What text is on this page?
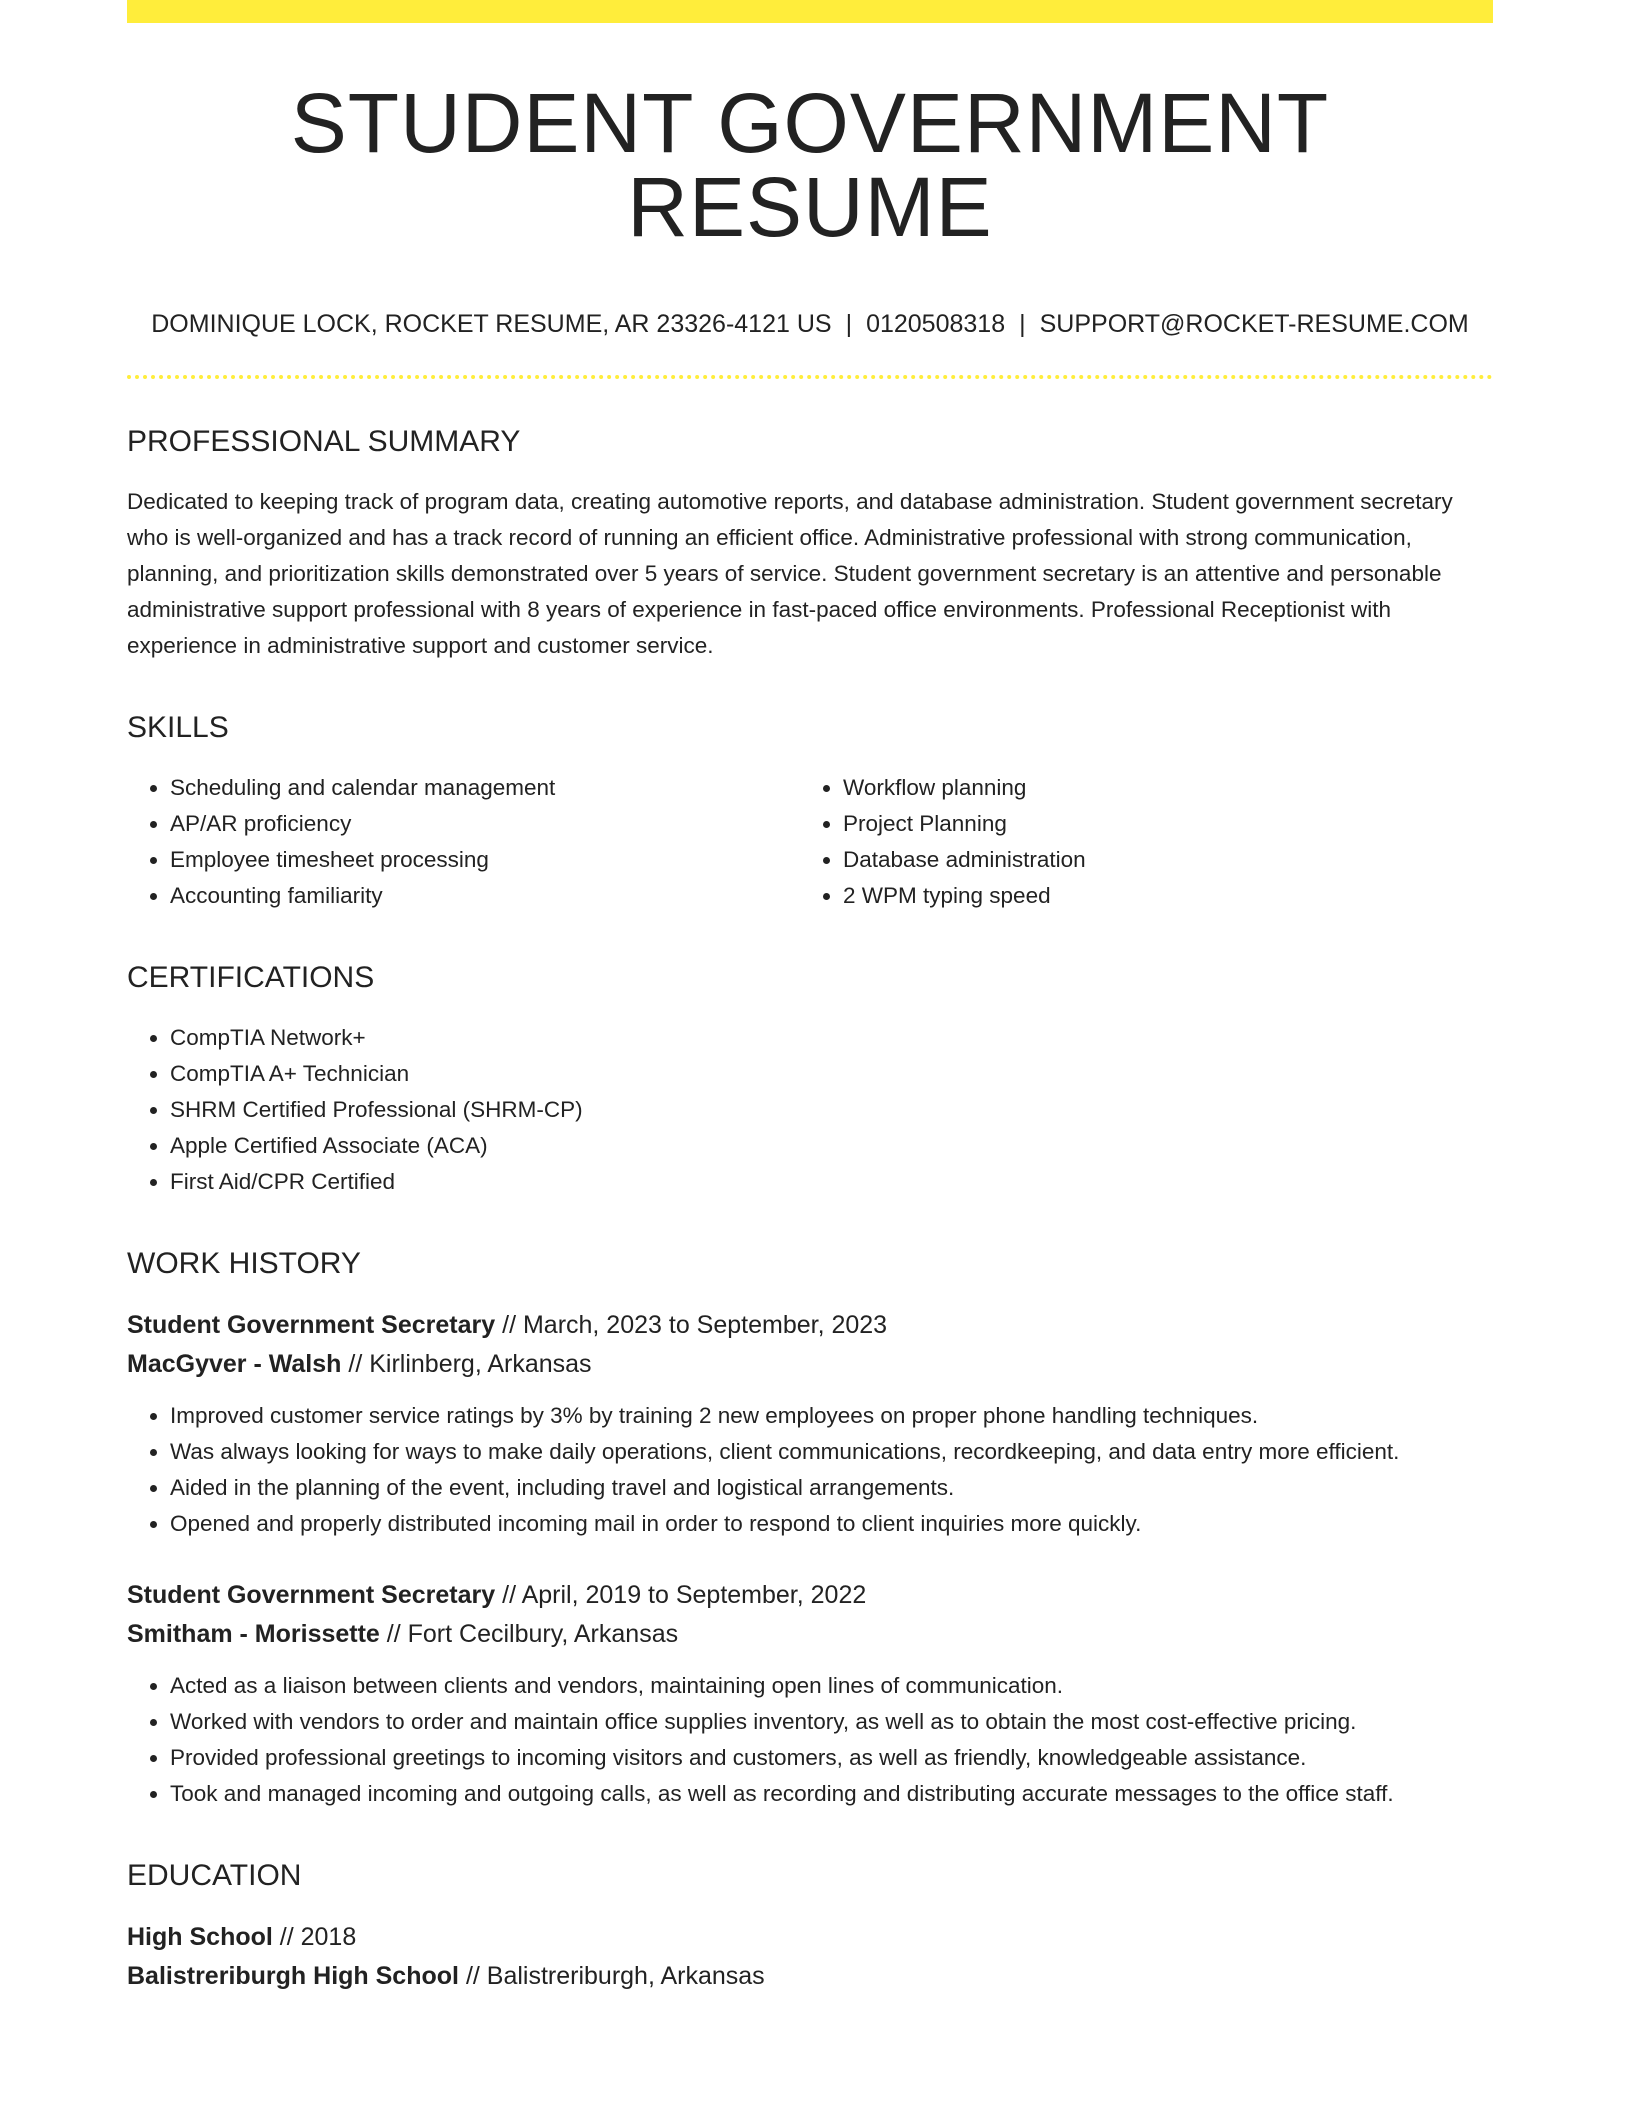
STUDENT GOVERNMENT RESUME
DOMINIQUE LOCK, ROCKET RESUME, AR 23326-4121 US | 0120508318 | SUPPORT@ROCKET-RESUME.COM
PROFESSIONAL SUMMARY
Dedicated to keeping track of program data, creating automotive reports, and database administration. Student government secretary who is well-organized and has a track record of running an efficient office. Administrative professional with strong communication, planning, and prioritization skills demonstrated over 5 years of service. Student government secretary is an attentive and personable administrative support professional with 8 years of experience in fast-paced office environments. Professional Receptionist with experience in administrative support and customer service.
SKILLS
• Scheduling and calendar management
• AP/AR proficiency
• Employee timesheet processing
• Accounting familiarity
• Workflow planning
• Project Planning
• Database administration
• 2 WPM typing speed
CERTIFICATIONS
• CompTIA Network+
• CompTIA A+ Technician
• SHRM Certified Professional (SHRM-CP)
• Apple Certified Associate (ACA)
• First Aid/CPR Certified
WORK HISTORY
Student Government Secretary // March, 2023 to September, 2023
MacGyver - Walsh // Kirlinberg, Arkansas
• Improved customer service ratings by 3% by training 2 new employees on proper phone handling techniques.
• Was always looking for ways to make daily operations, client communications, recordkeeping, and data entry more efficient.
• Aided in the planning of the event, including travel and logistical arrangements.
• Opened and properly distributed incoming mail in order to respond to client inquiries more quickly.
Student Government Secretary // April, 2019 to September, 2022
Smitham - Morissette // Fort Cecilbury, Arkansas
• Acted as a liaison between clients and vendors, maintaining open lines of communication.
• Worked with vendors to order and maintain office supplies inventory, as well as to obtain the most cost-effective pricing.
• Provided professional greetings to incoming visitors and customers, as well as friendly, knowledgeable assistance.
• Took and managed incoming and outgoing calls, as well as recording and distributing accurate messages to the office staff.
EDUCATION
High School // 2018
Balistreriburgh High School // Balistreriburgh, Arkansas
